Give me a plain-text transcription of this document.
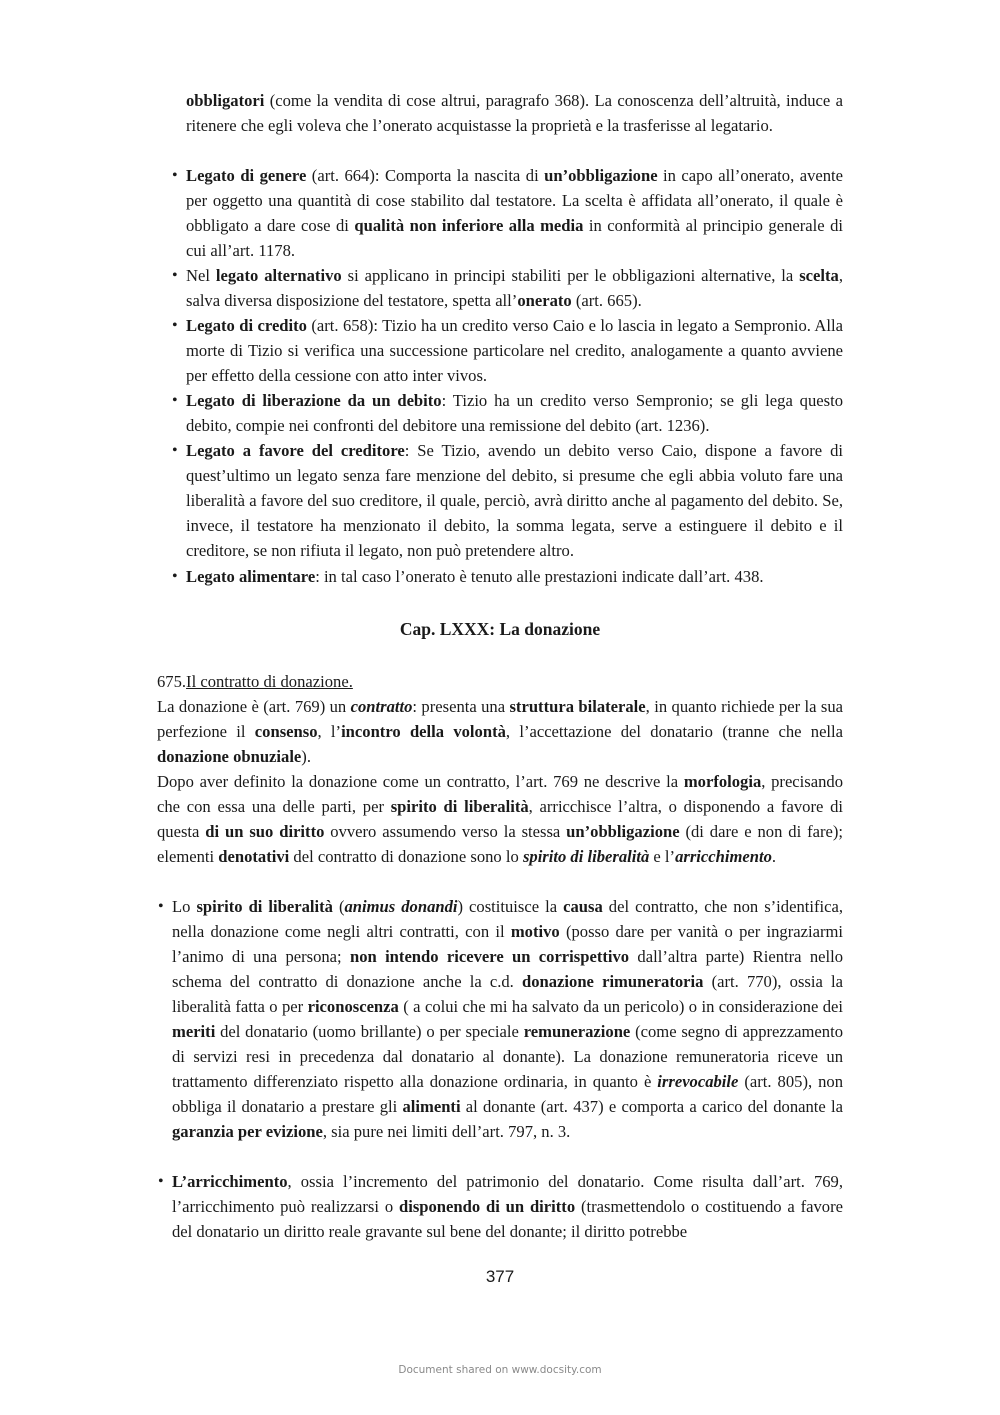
obbligatori (come la vendita di cose altrui, paragrafo 368). La conoscenza dell’altruità, induce a ritenere che egli voleva che l’onerato acquistasse la proprietà e la trasferisse al legatario.

• Legato di genere (art. 664): Comporta la nascita di un’obbligazione in capo all’onerato, avente per oggetto una quantità di cose stabilito dal testatore. La scelta è affidata all’onerato, il quale è obbligato a dare cose di qualità non inferiore alla media in conformità al principio generale di cui all’art. 1178.

• Nel legato alternativo si applicano in principi stabiliti per le obbligazioni alternative, la scelta, salva diversa disposizione del testatore, spetta all’onerato (art. 665).

• Legato di credito (art. 658): Tizio ha un credito verso Caio e lo lascia in legato a Sempronio. Alla morte di Tizio si verifica una successione particolare nel credito, analogamente a quanto avviene per effetto della cessione con atto inter vivos.

• Legato di liberazione da un debito: Tizio ha un credito verso Sempronio; se gli lega questo debito, compie nei confronti del debitore una remissione del debito (art. 1236).

• Legato a favore del creditore: Se Tizio, avendo un debito verso Caio, dispone a favore di quest’ultimo un legato senza fare menzione del debito, si presume che egli abbia voluto fare una liberalità a favore del suo creditore, il quale, perciò, avrà diritto anche al pagamento del debito. Se, invece, il testatore ha menzionato il debito, la somma legata, serve a estinguere il debito e il creditore, se non rifiuta il legato, non può pretendere altro.

• Legato alimentare: in tal caso l’onerato è tenuto alle prestazioni indicate dall’art. 438.

Cap. LXXX: La donazione

675.Il contratto di donazione.

La donazione è (art. 769) un contratto: presenta una struttura bilaterale, in quanto richiede per la sua perfezione il consenso, l’incontro della volontà, l’accettazione del donatario (tranne che nella donazione obnuziale).

Dopo aver definito la donazione come un contratto, l’art. 769 ne descrive la morfologia, precisando che con essa una delle parti, per spirito di liberalità, arricchisce l’altra, o disponendo a favore di questa di un suo diritto ovvero assumendo verso la stessa un’obbligazione (di dare e non di fare); elementi denotativi del contratto di donazione sono lo spirito di liberalità e l’arricchimento.

• Lo spirito di liberalità (animus donandi) costituisce la causa del contratto, che non s’identifica, nella donazione come negli altri contratti, con il motivo (posso dare per vanità o per ingraziarmi l’animo di una persona; non intendo ricevere un corrispettivo dall’altra parte) Rientra nello schema del contratto di donazione anche la c.d. donazione rimuneratoria (art. 770), ossia la liberalità fatta o per riconoscenza ( a colui che mi ha salvato da un pericolo) o in considerazione dei meriti del donatario (uomo brillante) o per speciale remunerazione (come segno di apprezzamento di servizi resi in precedenza dal donatario al donante). La donazione remuneratoria riceve un trattamento differenziato rispetto alla donazione ordinaria, in quanto è irrevocabile (art. 805), non obbliga il donatario a prestare gli alimenti al donante (art. 437) e comporta a carico del donante la garanzia per evizione, sia pure nei limiti dell’art. 797, n. 3.

• L’arricchimento, ossia l’incremento del patrimonio del donatario. Come risulta dall’art. 769, l’arricchimento può realizzarsi o disponendo di un diritto (trasmettendolo o costituendo a favore del donatario un diritto reale gravante sul bene del donante; il diritto potrebbe

377
Document shared on www.docsity.com
